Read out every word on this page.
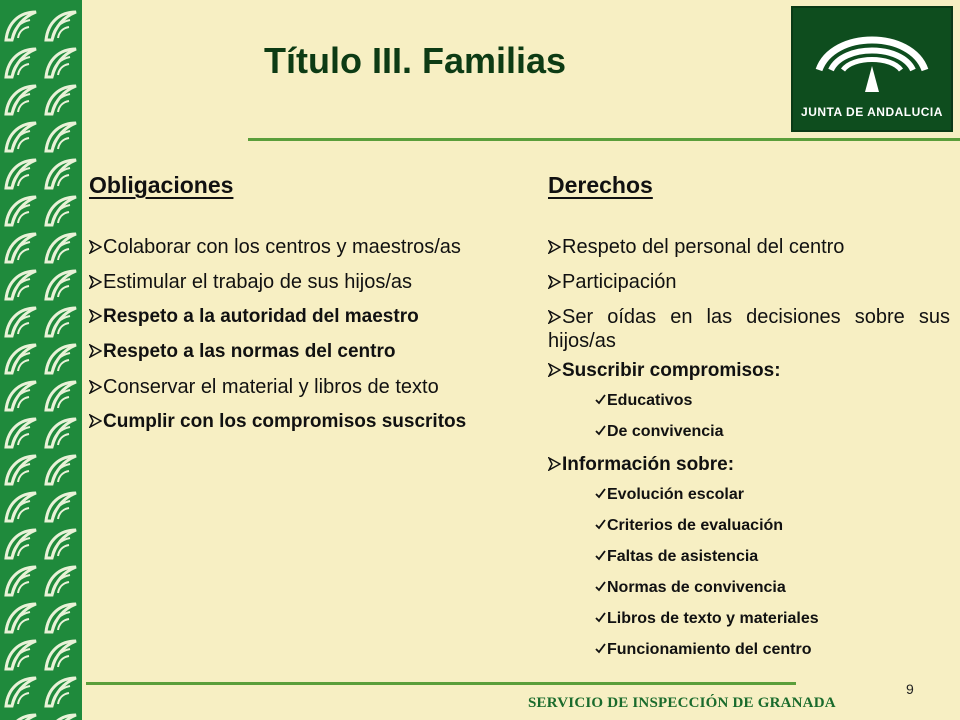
Título III. Familias
JUNTA DE ANDALUCIA
Obligaciones	Derechos
Colaborar con los centros y maestros/as
Estimular el trabajo de sus hijos/as
Respeto a la autoridad del maestro
Respeto a las normas del centro
Conservar el material y libros de texto
Cumplir con los compromisos suscritos
Respeto del personal del centro
Participación
Ser oídas en las decisiones sobre sus hijos/as
Suscribir compromisos:
Educativos
De convivencia
Información sobre:
Evolución escolar
Criterios de evaluación
Faltas de asistencia
Normas de convivencia
Libros de texto y materiales
Funcionamiento del centro
9
SERVICIO DE INSPECCIÓN DE GRANADA
